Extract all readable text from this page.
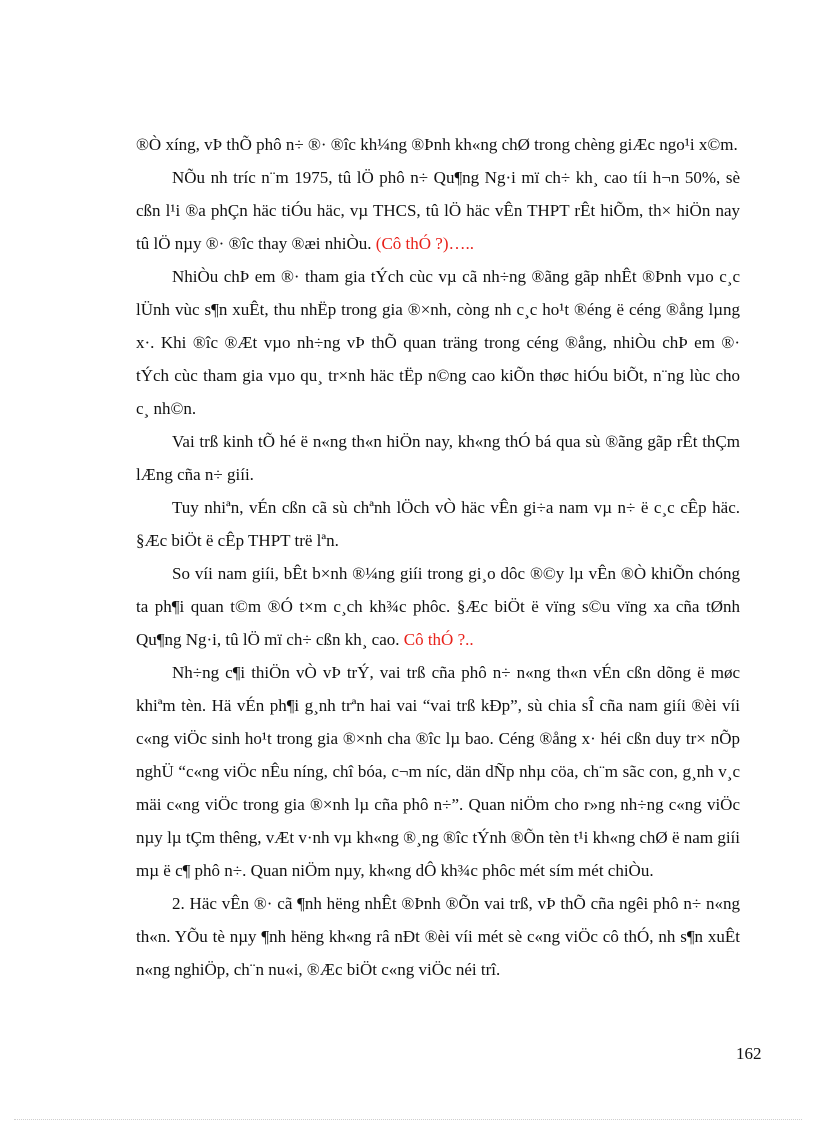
®Ò xíng, vÞ thÕ phô n÷ ®· ®îc kh¼ng ®Þnh kh«ng chØ trong chèng giÆc ngo¹i x©m.

NÕu nh tríc n¨m 1975, tû lÖ phô n÷ Qu¶ng Ng·i mï ch÷ kh¸ cao tíi h¬n 50%, sè cßn l¹i ®a phÇn häc tiÓu häc, vµ THCS, tû lÖ häc vÊn THPT rÊt hiÕm, th× hiÖn nay tû lÖ nµy ®· ®îc thay ®æi nhiÒu. (Cô thÓ ?)…..

NhiÒu chÞ em ®· tham gia tÝch cùc vµ cã nh÷ng ®ãng gãp nhÊt ®Þnh vµo c¸c lÜnh vùc s¶n xuÊt, thu nhËp trong gia ®×nh, còng nh c¸c ho¹t ®éng ë céng ®ång lµng x·. Khi ®îc ®Æt vµo nh÷ng vÞ thÕ quan träng trong céng ®ång, nhiÒu chÞ em ®· tÝch cùc tham gia vµo qu¸ tr×nh häc tËp n©ng cao kiÕn thøc hiÓu biÕt, n¨ng lùc cho c¸ nh©n.

Vai trß kinh tÕ hé ë n«ng th«n hiÖn nay, kh«ng thÓ bá qua sù ®ãng gãp rÊt thÇm lÆng cña n÷ giíi.

Tuy nhiªn, vÉn cßn cã sù chªnh lÖch vÒ häc vÊn gi÷a nam vµ n÷ ë c¸c cÊp häc. §Æc biÖt ë cÊp THPT trë lªn.

So víi nam giíi, bÊt b×nh ®¼ng giíi trong gi¸o dôc ®©y lµ vÊn ®Ò khiÕn chóng ta ph¶i quan t©m ®Ó t×m c¸ch kh¾c phôc. §Æc biÖt ë vïng s©u vïng xa cña tØnh Qu¶ng Ng·i, tû lÖ mï ch÷ cßn kh¸ cao. Cô thÓ ?..

Nh÷ng c¶i thiÖn vÒ vÞ trÝ, vai trß cña phô n÷ n«ng th«n vÉn cßn dõng ë møc khiªm tèn. Hä vÉn ph¶i g¸nh trªn hai vai “vai trß kÐp”, sù chia sÎ cña nam giíi ®èi víi c«ng viÖc sinh ho¹t trong gia ®×nh cha ®îc lµ bao. Céng ®ång x· héi cßn duy tr× nÕp nghÜ “c«ng viÖc nÊu níng, chî bóa, c¬m níc, dän dÑp nhµ cöa, ch¨m sãc con, g¸nh v¸c mäi c«ng viÖc trong gia ®×nh lµ cña phô n÷”. Quan niÖm cho r»ng nh÷ng c«ng viÖc nµy lµ tÇm thêng, vÆt v·nh vµ kh«ng ®¸ng ®îc tÝnh ®Õn tèn t¹i kh«ng chØ ë nam giíi mµ ë c¶ phô n÷. Quan niÖm nµy, kh«ng dÔ kh¾c phôc mét sím mét chiÒu.

2. Häc vÊn ®· cã ¶nh hëng nhÊt ®Þnh ®Õn vai trß, vÞ thÕ cña ngêi phô n÷ n«ng th«n. YÕu tè nµy ¶nh hëng kh«ng râ nÐt ®èi víi mét sè c«ng viÖc cô thÓ, nh s¶n xuÊt n«ng nghiÖp, ch¨n nu«i, ®Æc biÖt c«ng viÖc néi trî.

162
